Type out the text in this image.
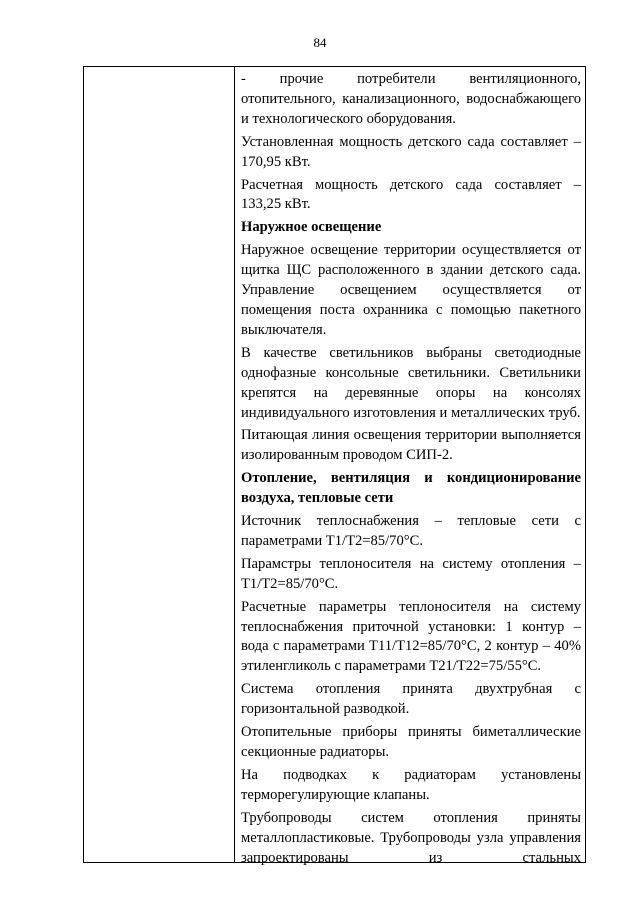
84

- прочие потребители вентиляционного, отопительного, канализационного, водоснабжающего и технологического оборудования.

Установленная мощность детского сада составляет – 170,95 кВт.

Расчетная мощность детского сада составляет – 133,25 кВт.

Наружное освещение

Наружное освещение территории осуществляется от щитка ЩС расположенного в здании детского сада. Управление освещением осуществляется от помещения поста охранника с помощью пакетного выключателя.

В качестве светильников выбраны светодиодные однофазные консольные светильники. Светильники крепятся на деревянные опоры на консолях индивидуального изготовления и металлических труб.

Питающая линия освещения территории выполняется изолированным проводом СИП-2.

Отопление, вентиляция и кондиционирование воздуха, тепловые сети

Источник теплоснабжения – тепловые сети с параметрами Т1/Т2=85/70°С.

Парамстры теплоносителя на систему отопления – Т1/Т2=85/70°С.

Расчетные параметры теплоносителя на систему теплоснабжения приточной установки: 1 контур – вода с параметрами Т11/Т12=85/70°С, 2 контур – 40% этиленгликоль с параметрами Т21/Т22=75/55°С.

Система отопления принята двухтрубная с горизонтальной разводкой.

Отопительные приборы приняты биметаллические секционные радиаторы.

На подводках к радиаторам установлены терморегулирующие клапаны.

Трубопроводы систем отопления приняты металлопластиковые. Трубопроводы узла управления запроектированы из стальных
